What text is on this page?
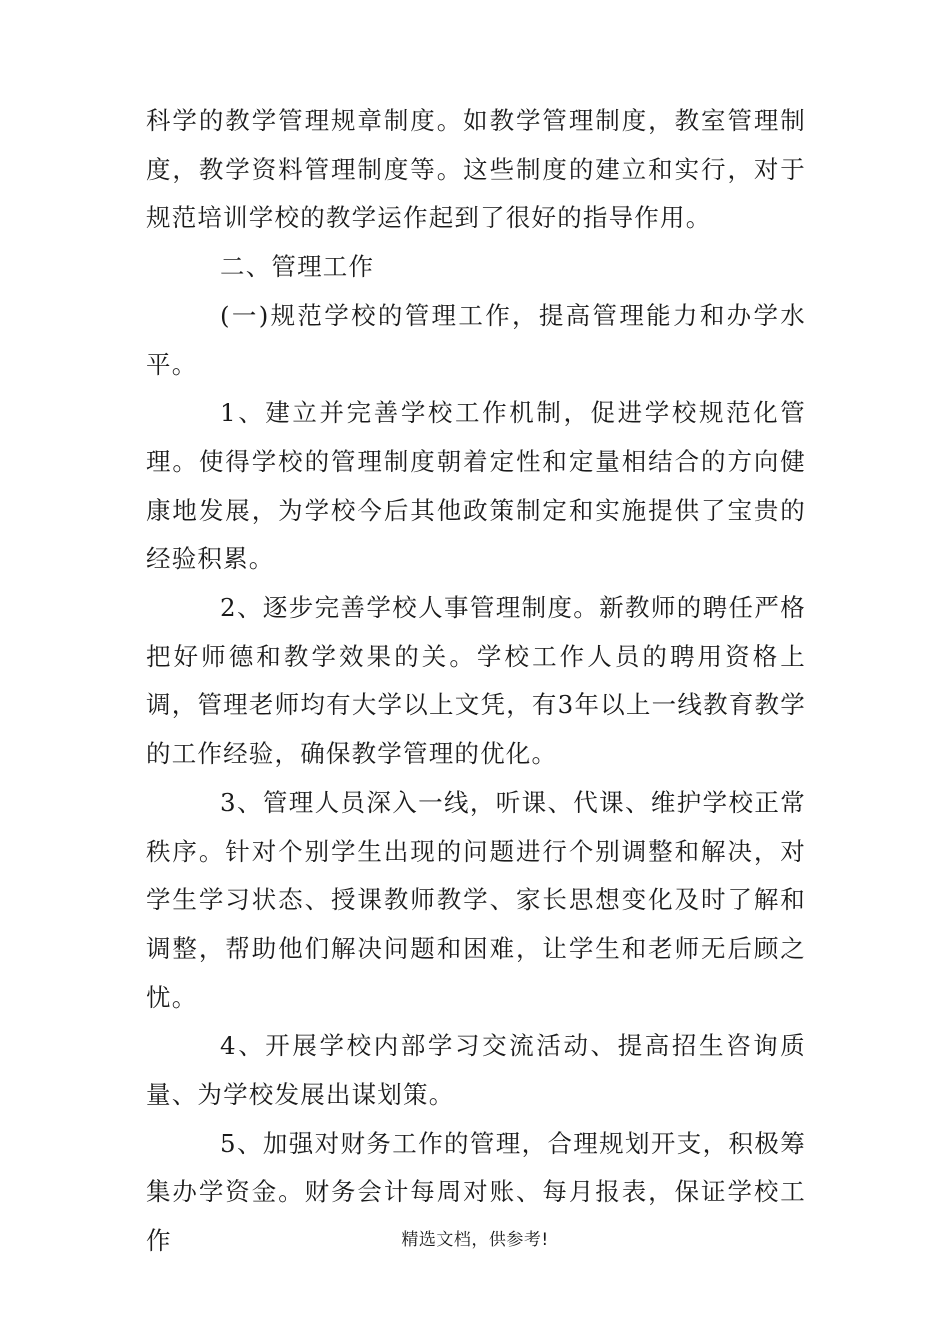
科学的教学管理规章制度。如教学管理制度，教室管理制度，教学资料管理制度等。这些制度的建立和实行，对于规范培训学校的教学运作起到了很好的指导作用。

二、管理工作

(一)规范学校的管理工作，提高管理能力和办学水平。

1、建立并完善学校工作机制，促进学校规范化管理。使得学校的管理制度朝着定性和定量相结合的方向健康地发展，为学校今后其他政策制定和实施提供了宝贵的经验积累。

2、逐步完善学校人事管理制度。新教师的聘任严格把好师德和教学效果的关。学校工作人员的聘用资格上调，管理老师均有大学以上文凭，有3年以上一线教育教学的工作经验，确保教学管理的优化。

3、管理人员深入一线，听课、代课、维护学校正常秩序。针对个别学生出现的问题进行个别调整和解决，对学生学习状态、授课教师教学、家长思想变化及时了解和调整，帮助他们解决问题和困难，让学生和老师无后顾之忧。

4、开展学校内部学习交流活动、提高招生咨询质量、为学校发展出谋划策。

5、加强对财务工作的管理，合理规划开支，积极筹集办学资金。财务会计每周对账、每月报表，保证学校工作	精选文档，供参考!
